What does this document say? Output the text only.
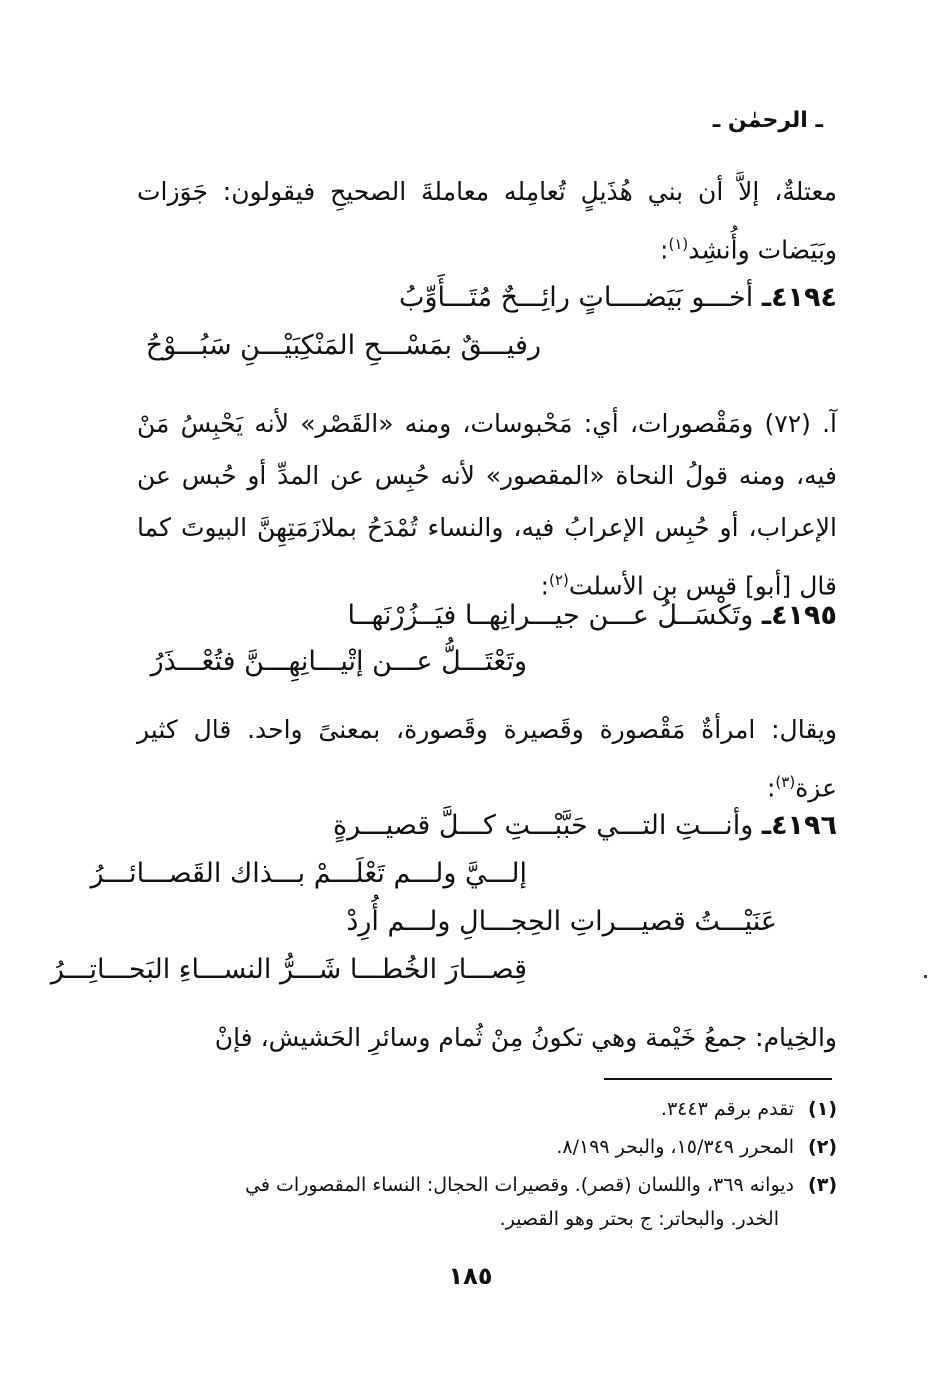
ـ الرحمٰن ـ
معتلةٌ، إلاَّ أن بني هُذَيلٍ تُعامِله معاملةَ الصحيحِ فيقولون: جَوَزات وبَيَضات وأُنشِد$^{(١)}$:
٤١٩٤ـ أخـــو بَيَضــــاتٍ رائِـــحٌ مُتَـــأَوِّبُ
رفيـــقٌ بمَسْـــحِ المَنْكِبَيْـــنِ سَبُـــوْحُ
آ. (٧٢) ومَقْصورات، أي: مَحْبوسات، ومنه «القَصْر» لأنه يَحْبِسُ مَنْ فيه، ومنه قولُ النحاة «المقصور» لأنه حُبِس عن المدِّ أو حُبس عن الإعراب، أو حُبِس الإعرابُ فيه، والنساء تُمْدَحُ بملازَمَتِهِنَّ البيوتَ كما قال [أبو] قيس بن الأسلت$^{(٢)}$:
٤١٩٥ـ وتَكْسَــلُ عـــن جيـــرانِهــا فيَــزُرْنَهــا
وتَعْتَـــلُّ عـــن إتْيـــانِهِـــنَّ فتُعْـــذَرُ
ويقال: امرأةٌ مَقْصورة وقَصيرة وقَصورة، بمعنىً واحد. قال كثير عزة$^{(٣)}$:
٤١٩٦ـ وأنـــتِ التـــي حَبَّبْـــتِ كـــلَّ قصيـــرةٍ
إلـــيَّ ولـــم تَعْلَـــمْ بـــذاك القَصـــائـــرُ
عَنَيْـــتُ قصيـــراتِ الحِجـــالِ ولـــم أُرِدْ
قِصـــارَ الخُطـــا شَـــرُّ النســـاءِ البَحـــاتِـــرُ
والخِيام: جمعُ خَيْمة وهي تكونُ مِنْ ثُمام وسائرِ الحَشيش، فإنْ
(١)تقدم برقم ٣٤٤٣.
(٢)المحرر ١٥/٣٤٩، والبحر ٨/١٩٩.
(٣)ديوانه ٣٦٩، واللسان (قصر). وقصيرات الحجال: النساء المقصورات في
الخدر. والبحاتر: ج بحتر وهو القصير.
١٨٥
